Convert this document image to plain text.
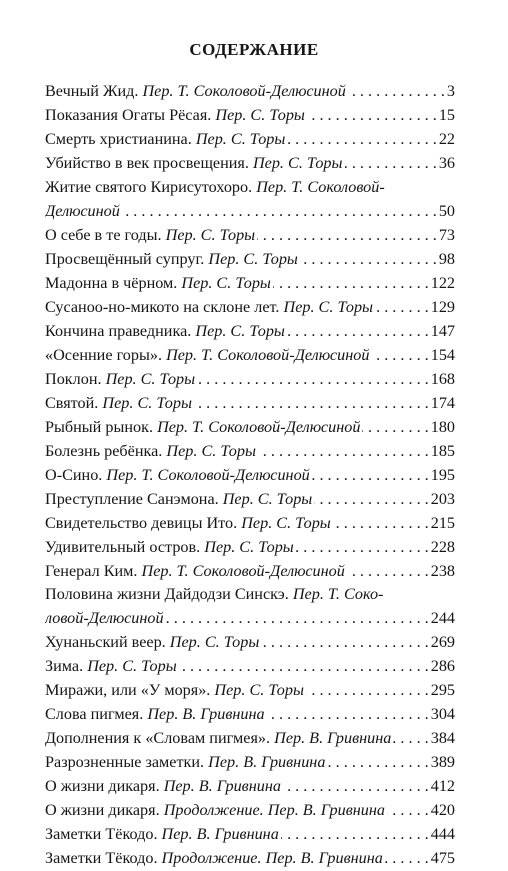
СОДЕРЖАНИЕ
Вечный Жид. Пер. Т. Соколовой-Делюсиной . . .	3
Показания Огаты Рёсая. Пер. С. Торы . . .	15
Смерть христианина. Пер. С. Торы . . .	22
Убийство в век просвещения. Пер. С. Торы . . .	36
Житие святого Кирисутохоро. Пер. Т. Соколовой-
Делюсиной . . .	50
О себе в те годы. Пер. С. Торы . . .	73
Просвещённый супруг. Пер. С. Торы . . .	98
Мадонна в чёрном. Пер. С. Торы . . .	122
Сусаноо-но-микото на склоне лет. Пер. С. Торы . . .	129
Кончина праведника. Пер. С. Торы . . .	147
«Осенние горы». Пер. Т. Соколовой-Делюсиной . . .	154
Поклон. Пер. С. Торы . . .	168
Святой. Пер. С. Торы . . .	174
Рыбный рынок. Пер. Т. Соколовой-Делюсиной . . .	180
Болезнь ребёнка. Пер. С. Торы . . .	185
О-Сино. Пер. Т. Соколовой-Делюсиной . . .	195
Преступление Санэмона. Пер. С. Торы . . .	203
Свидетельство девицы Ито. Пер. С. Торы . . .	215
Удивительный остров. Пер. С. Торы . . .	228
Генерал Ким. Пер. Т. Соколовой-Делюсиной . . .	238
Половина жизни Дайдодзи Синскэ. Пер. Т. Соко-
ловой-Делюсиной . . .	244
Хунаньский веер. Пер. С. Торы . . .	269
Зима. Пер. С. Торы . . .	286
Миражи, или «У моря». Пер. С. Торы . . .	295
Слова пигмея. Пер. В. Гривнина . . .	304
Дополнения к «Словам пигмея». Пер. В. Гривнина . . . 384
Разрозненные заметки. Пер. В. Гривнина . . .	389
О жизни дикаря. Пер. В. Гривнина . . .	412
О жизни дикаря. Продолжение. Пер. В. Гривнина . . .	420
Заметки Тёкодо. Пер. В. Гривнина . . .	444
Заметки Тёкодо. Продолжение. Пер. В. Гривнина . . .	475
